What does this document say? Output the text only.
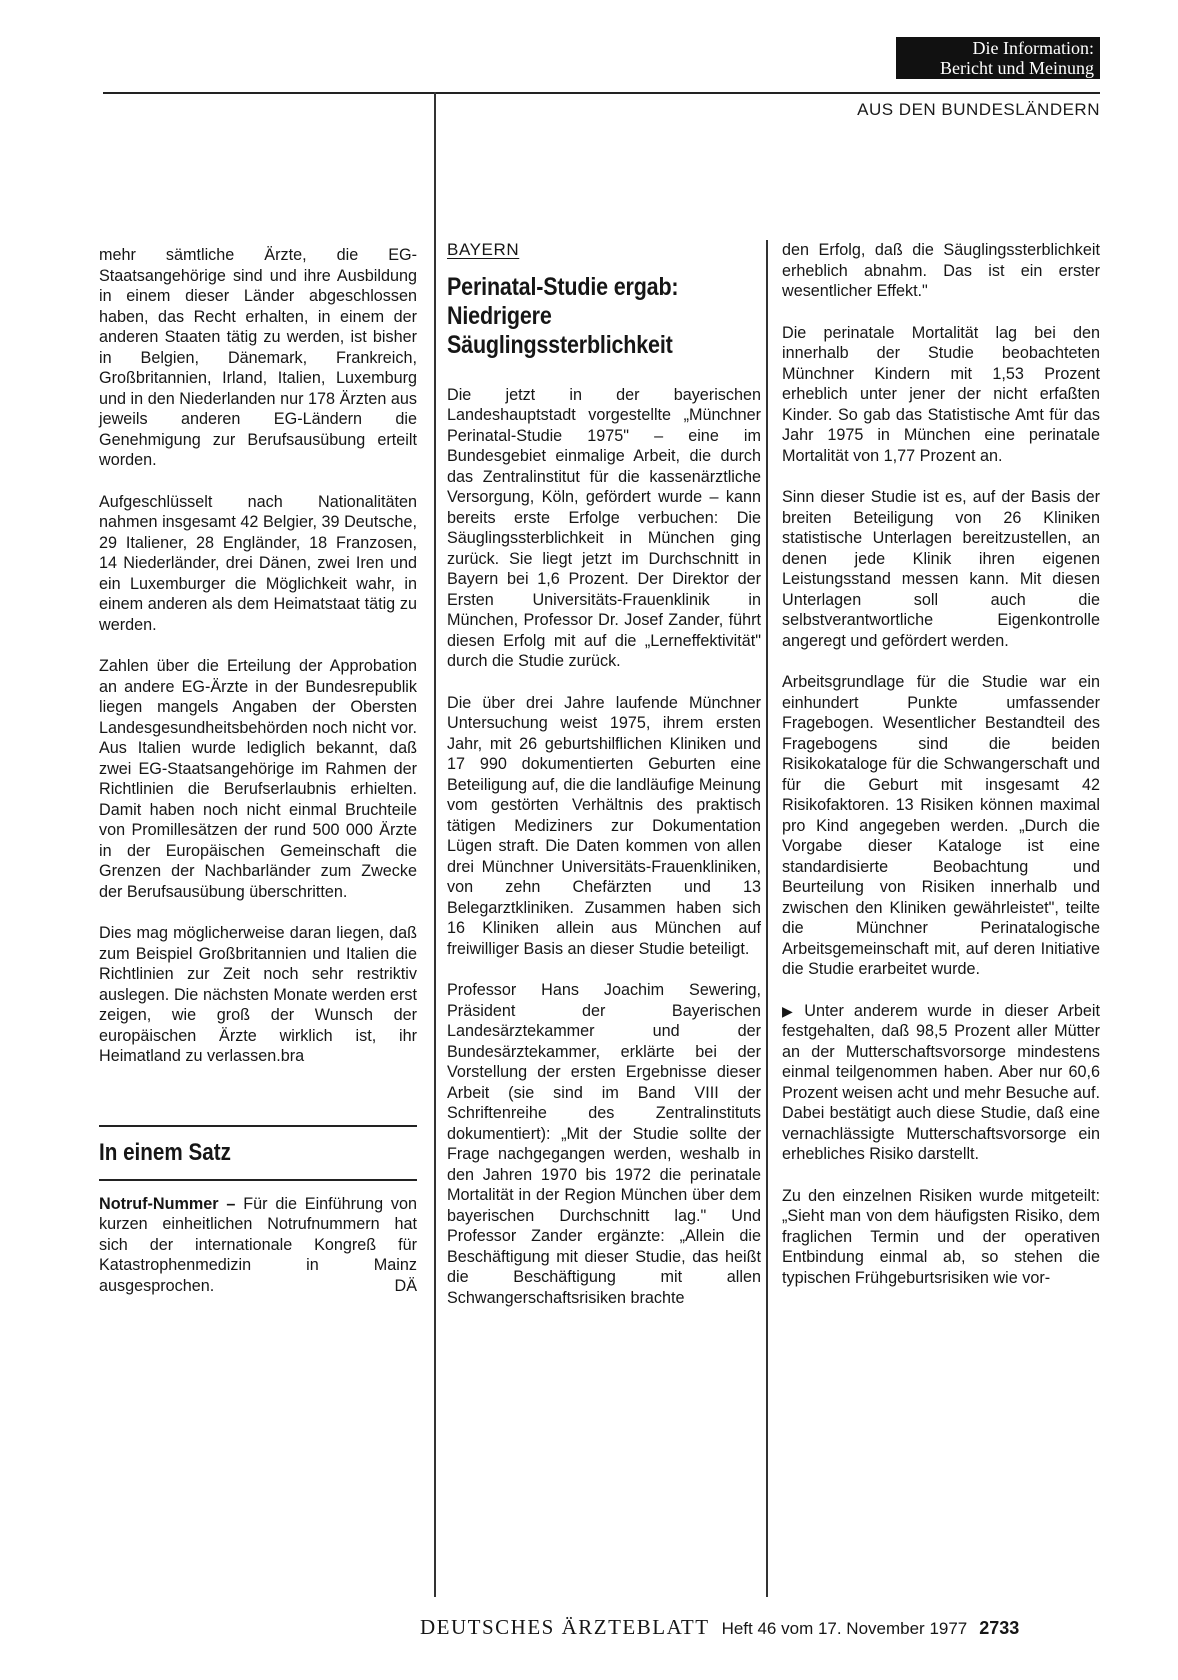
Die Information:
Bericht und Meinung
AUS DEN BUNDESLÄNDERN

mehr sämtliche Ärzte, die EG-Staatsangehörige sind und ihre Ausbildung in einem dieser Länder abgeschlossen haben, das Recht erhalten, in einem der anderen Staaten tätig zu werden, ist bisher in Belgien, Dänemark, Frankreich, Großbritannien, Irland, Italien, Luxemburg und in den Niederlanden nur 178 Ärzten aus jeweils anderen EG-Ländern die Genehmigung zur Berufsausübung erteilt worden.

Aufgeschlüsselt nach Nationalitäten nahmen insgesamt 42 Belgier, 39 Deutsche, 29 Italiener, 28 Engländer, 18 Franzosen, 14 Niederländer, drei Dänen, zwei Iren und ein Luxemburger die Möglichkeit wahr, in einem anderen als dem Heimatstaat tätig zu werden.

Zahlen über die Erteilung der Approbation an andere EG-Ärzte in der Bundesrepublik liegen mangels Angaben der Obersten Landesgesundheitsbehörden noch nicht vor. Aus Italien wurde lediglich bekannt, daß zwei EG-Staatsangehörige im Rahmen der Richtlinien die Berufserlaubnis erhielten. Damit haben noch nicht einmal Bruchteile von Promillesätzen der rund 500 000 Ärzte in der Europäischen Gemeinschaft die Grenzen der Nachbarländer zum Zwecke der Berufsausübung überschritten.

Dies mag möglicherweise daran liegen, daß zum Beispiel Großbritannien und Italien die Richtlinien zur Zeit noch sehr restriktiv auslegen. Die nächsten Monate werden erst zeigen, wie groß der Wunsch der europäischen Ärzte wirklich ist, ihr Heimatland zu verlassen.bra

In einem Satz

Notruf-Nummer – Für die Einführung von kurzen einheitlichen Notrufnummern hat sich der internationale Kongreß für Katastrophenmedizin in Mainz ausgesprochen.	DÄ

BAYERN
Perinatal-Studie ergab:
Niedrigere
Säuglingssterblichkeit

Die jetzt in der bayerischen Landeshauptstadt vorgestellte „Münchner Perinatal-Studie 1975" – eine im Bundesgebiet einmalige Arbeit, die durch das Zentralinstitut für die kassenärztliche Versorgung, Köln, gefördert wurde – kann bereits erste Erfolge verbuchen: Die Säuglingssterblichkeit in München ging zurück. Sie liegt jetzt im Durchschnitt in Bayern bei 1,6 Prozent. Der Direktor der Ersten Universitäts-Frauenklinik in München, Professor Dr. Josef Zander, führt diesen Erfolg mit auf die „Lerneffektivität" durch die Studie zurück.

Die über drei Jahre laufende Münchner Untersuchung weist 1975, ihrem ersten Jahr, mit 26 geburtshilflichen Kliniken und 17 990 dokumentierten Geburten eine Beteiligung auf, die die landläufige Meinung vom gestörten Verhältnis des praktisch tätigen Mediziners zur Dokumentation Lügen straft. Die Daten kommen von allen drei Münchner Universitäts-Frauenkliniken, von zehn Chefärzten und 13 Belegarztkliniken. Zusammen haben sich 16 Kliniken allein aus München auf freiwilliger Basis an dieser Studie beteiligt.

Professor Hans Joachim Sewering, Präsident der Bayerischen Landesärztekammer und der Bundesärztekammer, erklärte bei der Vorstellung der ersten Ergebnisse dieser Arbeit (sie sind im Band VIII der Schriftenreihe des Zentralinstituts dokumentiert): „Mit der Studie sollte der Frage nachgegangen werden, weshalb in den Jahren 1970 bis 1972 die perinatale Mortalität in der Region München über dem bayerischen Durchschnitt lag." Und Professor Zander ergänzte: „Allein die Beschäftigung mit dieser Studie, das heißt die Beschäftigung mit allen Schwangerschaftsrisiken brachte

den Erfolg, daß die Säuglingssterblichkeit erheblich abnahm. Das ist ein erster wesentlicher Effekt."

Die perinatale Mortalität lag bei den innerhalb der Studie beobachteten Münchner Kindern mit 1,53 Prozent erheblich unter jener der nicht erfaßten Kinder. So gab das Statistische Amt für das Jahr 1975 in München eine perinatale Mortalität von 1,77 Prozent an.

Sinn dieser Studie ist es, auf der Basis der breiten Beteiligung von 26 Kliniken statistische Unterlagen bereitzustellen, an denen jede Klinik ihren eigenen Leistungsstand messen kann. Mit diesen Unterlagen soll auch die selbstverantwortliche Eigenkontrolle angeregt und gefördert werden.

Arbeitsgrundlage für die Studie war ein einhundert Punkte umfassender Fragebogen. Wesentlicher Bestandteil des Fragebogens sind die beiden Risikokataloge für die Schwangerschaft und für die Geburt mit insgesamt 42 Risikofaktoren. 13 Risiken können maximal pro Kind angegeben werden. „Durch die Vorgabe dieser Kataloge ist eine standardisierte Beobachtung und Beurteilung von Risiken innerhalb und zwischen den Kliniken gewährleistet", teilte die Münchner Perinatalogische Arbeitsgemeinschaft mit, auf deren Initiative die Studie erarbeitet wurde.

▶ Unter anderem wurde in dieser Arbeit festgehalten, daß 98,5 Prozent aller Mütter an der Mutterschaftsvorsorge mindestens einmal teilgenommen haben. Aber nur 60,6 Prozent weisen acht und mehr Besuche auf. Dabei bestätigt auch diese Studie, daß eine vernachlässigte Mutterschaftsvorsorge ein erhebliches Risiko darstellt.

Zu den einzelnen Risiken wurde mitgeteilt: „Sieht man von dem häufigsten Risiko, dem fraglichen Termin und der operativen Entbindung einmal ab, so stehen die typischen Frühgeburtsrisiken wie vor-

DEUTSCHES ÄRZTEBLATT Heft 46 vom 17. November 1977 2733
